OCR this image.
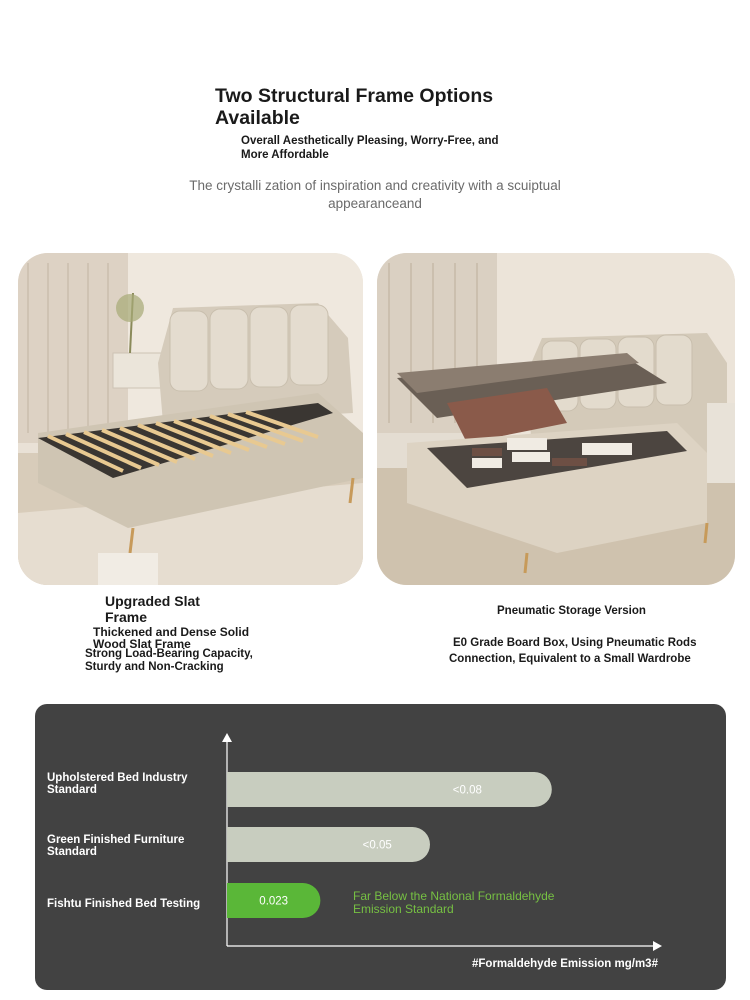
Two Structural Frame Options Available
Overall Aesthetically Pleasing, Worry-Free, and More Affordable
The crystalli zation of inspiration and creativity with a scuiptual appearanceand
Upgraded Slat Frame
Thickened and Dense Solid Wood Slat Frame
Strong Load-Bearing Capacity, Sturdy and Non-Cracking
Pneumatic Storage Version
E0 Grade Board Box, Using Pneumatic Rods Connection, Equivalent to a Small Wardrobe
<0.08
<0.05
0.023
Upholstered Bed Industry Standard
Green Finished Furniture Standard
Fishtu Finished Bed Testing
Far Below the National Formaldehyde Emission Standard
#Formaldehyde Emission mg/m3#
